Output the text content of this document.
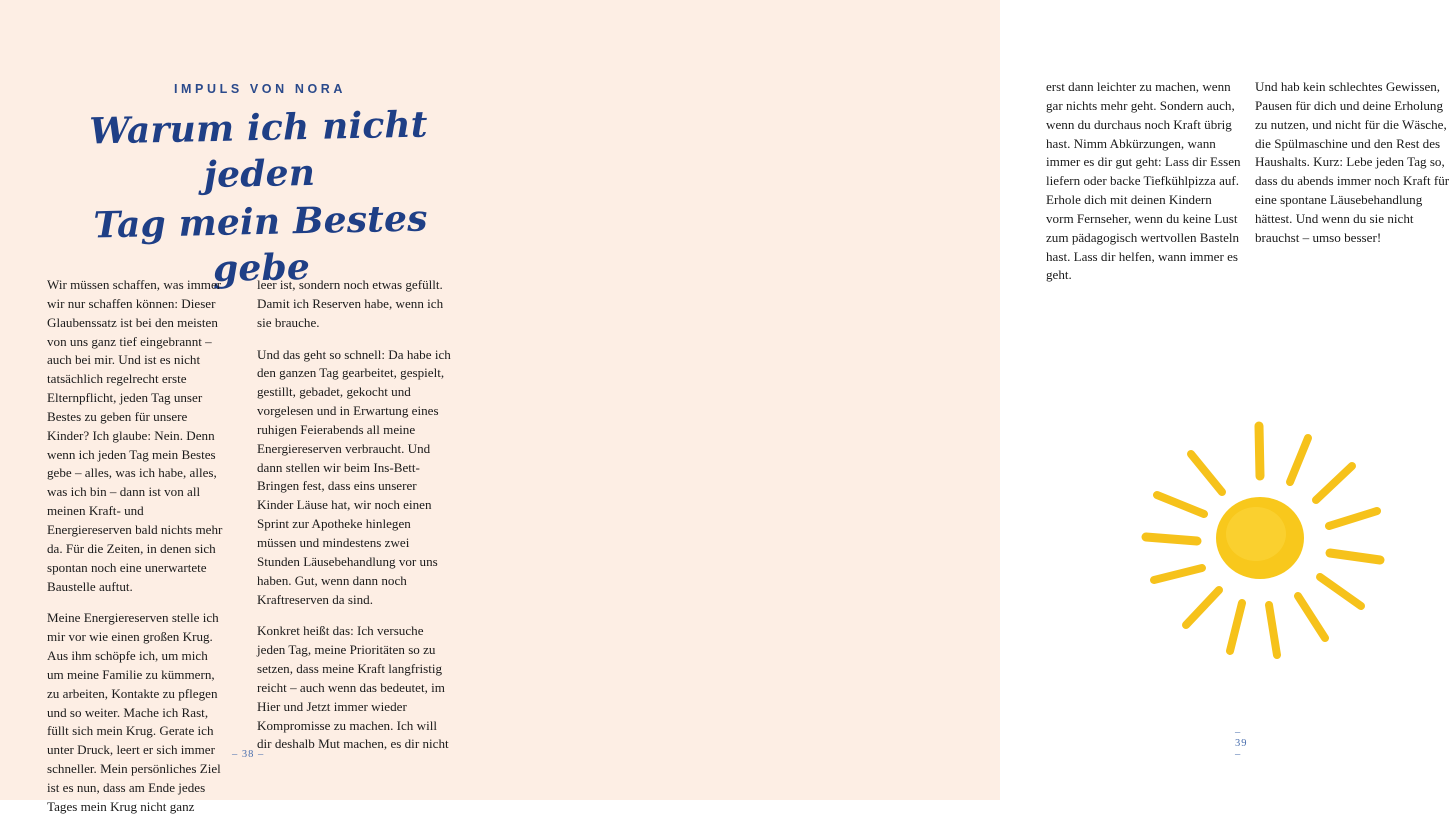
IMPULS VON NORA
Warum ich nicht jeden
Tag mein Bestes gebe

Wir müssen schaffen, was immer wir nur schaffen können: Dieser Glaubenssatz ist bei den meisten von uns ganz tief eingebrannt – auch bei mir. Und ist es nicht tatsächlich regelrecht erste Elternpflicht, jeden Tag unser Bestes zu geben für unsere Kinder? Ich glaube: Nein. Denn wenn ich jeden Tag mein Bestes gebe – alles, was ich habe, alles, was ich bin – dann ist von all meinen Kraft- und Energiereserven bald nichts mehr da. Für die Zeiten, in denen sich spontan noch eine unerwartete Baustelle auftut.

Meine Energiereserven stelle ich mir vor wie einen großen Krug. Aus ihm schöpfe ich, um mich um meine Familie zu kümmern, zu arbeiten, Kontakte zu pflegen und so weiter. Mache ich Rast, füllt sich mein Krug. Gerate ich unter Druck, leert er sich immer schneller. Mein persönliches Ziel ist es nun, dass am Ende jedes Tages mein Krug nicht ganz

leer ist, sondern noch etwas gefüllt. Damit ich Reserven habe, wenn ich sie brauche.

Und das geht so schnell: Da habe ich den ganzen Tag gearbeitet, gespielt, gestillt, gebadet, gekocht und vorgelesen und in Erwartung eines ruhigen Feierabends all meine Energiereserven verbraucht. Und dann stellen wir beim Ins-Bett-Bringen fest, dass eins unserer Kinder Läuse hat, wir noch einen Sprint zur Apotheke hinlegen müssen und mindestens zwei Stunden Läusebehandlung vor uns haben. Gut, wenn dann noch Kraftreserven da sind.

Konkret heißt das: Ich versuche jeden Tag, meine Prioritäten so zu setzen, dass meine Kraft langfristig reicht – auch wenn das bedeutet, im Hier und Jetzt immer wieder Kompromisse zu machen. Ich will dir deshalb Mut machen, es dir nicht

– 38 –

erst dann leichter zu machen, wenn gar nichts mehr geht. Sondern auch, wenn du durchaus noch Kraft übrig hast. Nimm Abkürzungen, wann immer es dir gut geht: Lass dir Essen liefern oder backe Tiefkühlpizza auf. Erhole dich mit deinen Kindern vorm Fernseher, wenn du keine Lust zum pädagogisch wertvollen Basteln hast. Lass dir helfen, wann immer es geht.

Und hab kein schlechtes Gewissen, Pausen für dich und deine Erholung zu nutzen, und nicht für die Wäsche, die Spülmaschine und den Rest des Haushalts. Kurz: Lebe jeden Tag so, dass du abends immer noch Kraft für eine spontane Läusebehandlung hättest. Und wenn du sie nicht brauchst – umso besser!

– 39 –
